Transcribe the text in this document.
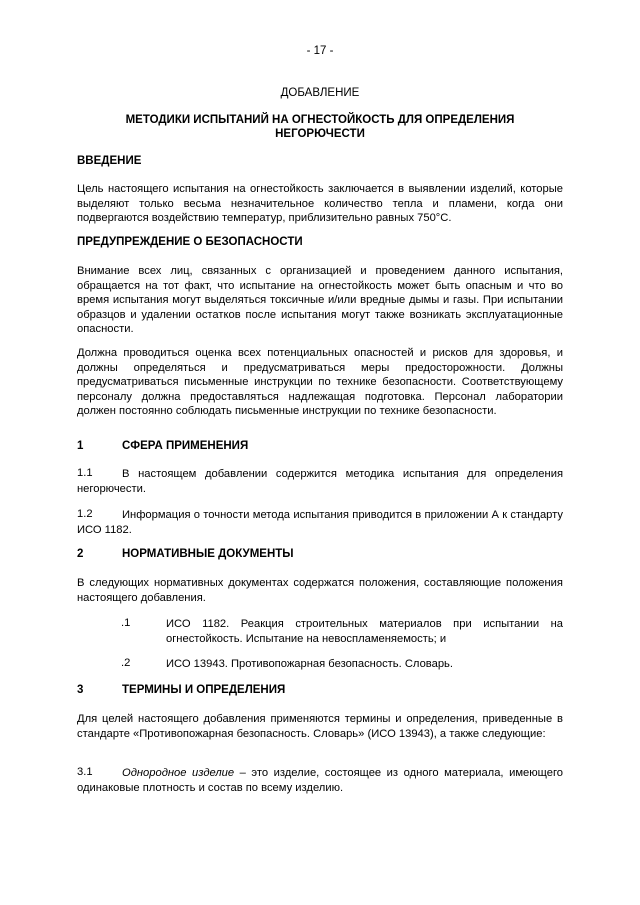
- 17 -
ДОБАВЛЕНИЕ
МЕТОДИКИ ИСПЫТАНИЙ НА ОГНЕСТОЙКОСТЬ ДЛЯ ОПРЕДЕЛЕНИЯ НЕГОРЮЧЕСТИ
ВВЕДЕНИЕ
Цель настоящего испытания на огнестойкость заключается в выявлении изделий, которые выделяют только весьма незначительное количество тепла и пламени, когда они подвергаются воздействию температур, приблизительно равных 750°C.
ПРЕДУПРЕЖДЕНИЕ О БЕЗОПАСНОСТИ
Внимание всех лиц, связанных с организацией и проведением данного испытания, обращается на тот факт, что испытание на огнестойкость может быть опасным и что во время испытания могут выделяться токсичные и/или вредные дымы и газы. При испытании образцов и удалении остатков после испытания могут также возникать эксплуатационные опасности.
Должна проводиться оценка всех потенциальных опасностей и рисков для здоровья, и должны определяться и предусматриваться меры предосторожности. Должны предусматриваться письменные инструкции по технике безопасности. Соответствующему персоналу должна предоставляться надлежащая подготовка. Персонал лаборатории должен постоянно соблюдать письменные инструкции по технике безопасности.
1	СФЕРА ПРИМЕНЕНИЯ
1.1	В настоящем добавлении содержится методика испытания для определения негорючести.
1.2	Информация о точности метода испытания приводится в приложении А к стандарту ИСО 1182.
2	НОРМАТИВНЫЕ ДОКУМЕНТЫ
В следующих нормативных документах содержатся положения, составляющие положения настоящего добавления.
.1	ИСО 1182. Реакция строительных материалов при испытании на огнестойкость. Испытание на невоспламеняемость; и
.2	ИСО 13943. Противопожарная безопасность. Словарь.
3	ТЕРМИНЫ И ОПРЕДЕЛЕНИЯ
Для целей настоящего добавления применяются термины и определения, приведенные в стандарте «Противопожарная безопасность. Словарь» (ИСО 13943), а также следующие:
3.1	Однородное изделие – это изделие, состоящее из одного материала, имеющего одинаковые плотность и состав по всему изделию.
